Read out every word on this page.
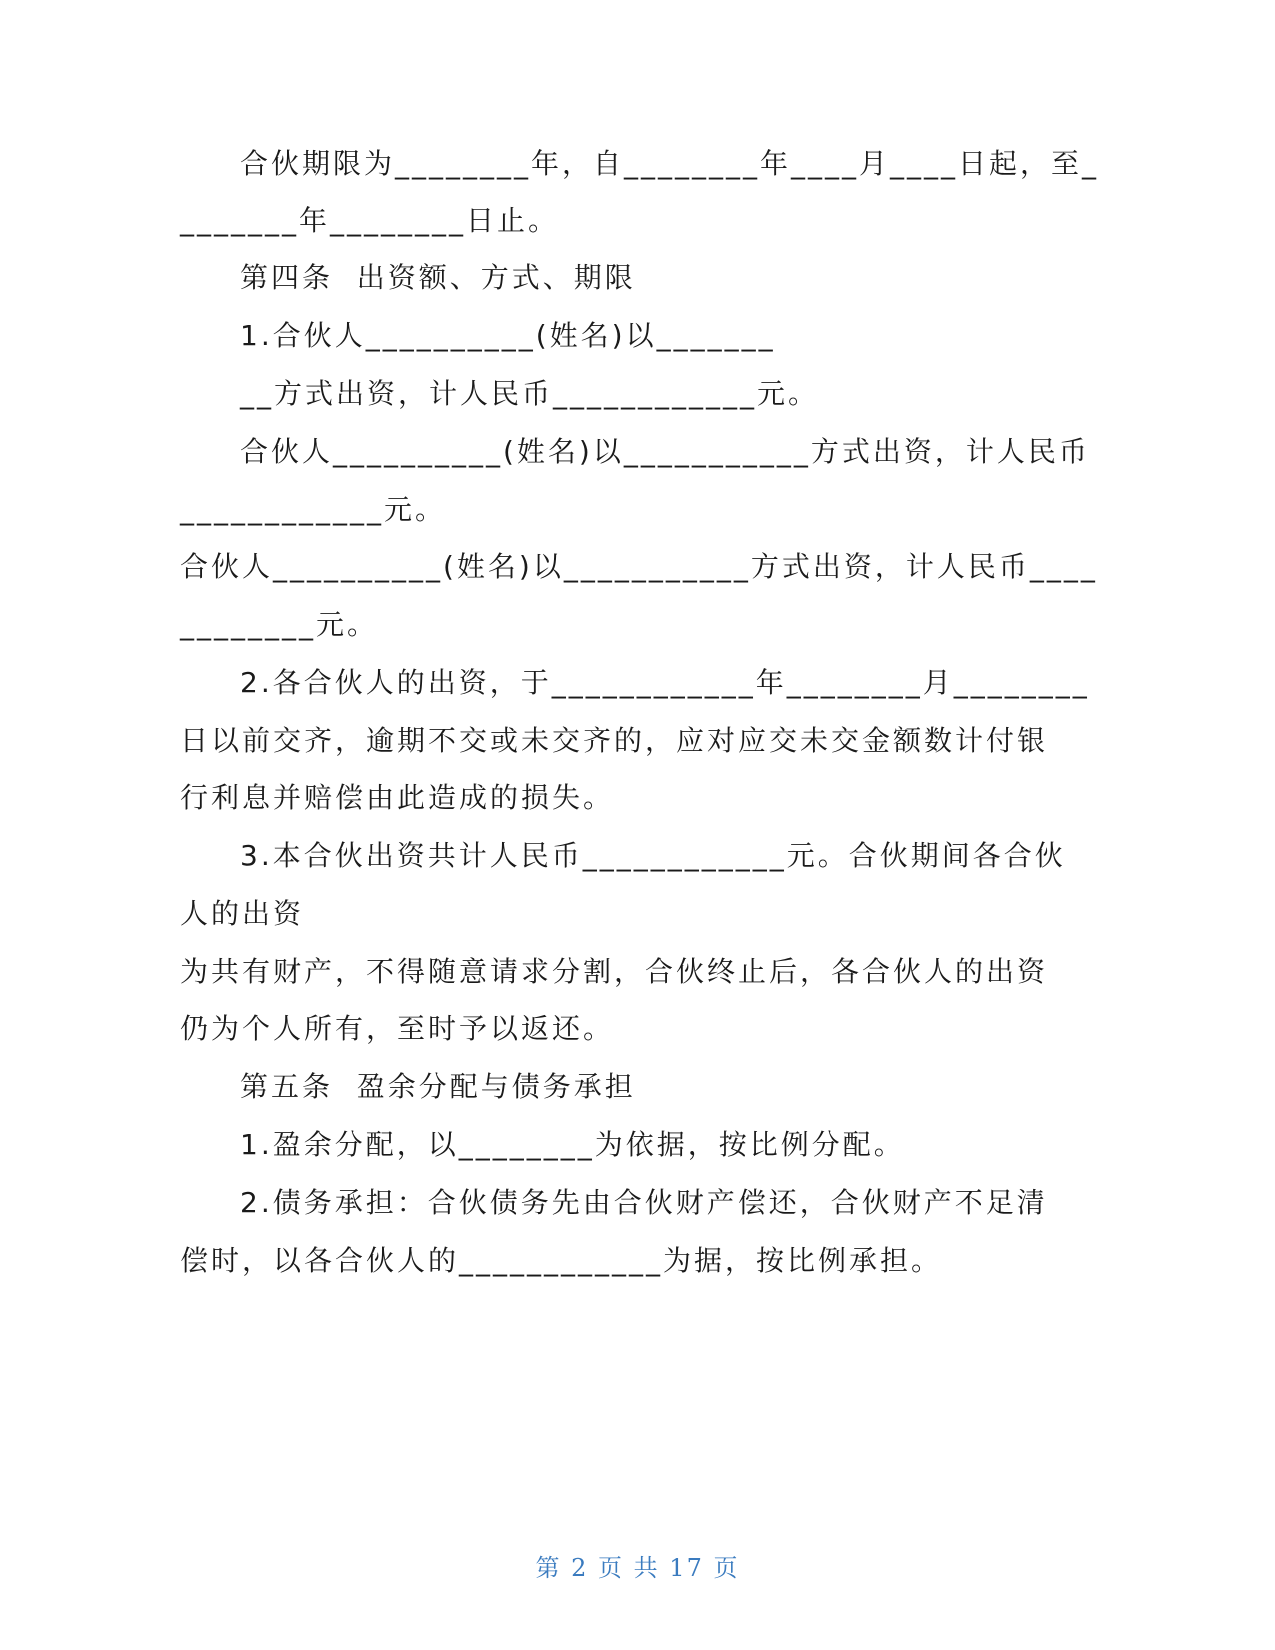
合伙期限为________年，自________年____月____日起，至_
_______年________日止。
第四条  出资额、方式、期限
1.合伙人__________(姓名)以_______
__方式出资，计人民币____________元。
合伙人__________(姓名)以___________方式出资，计人民币
____________元。
合伙人__________(姓名)以___________方式出资，计人民币____
________元。
2.各合伙人的出资，于____________年________月________
日以前交齐，逾期不交或未交齐的，应对应交未交金额数计付银
行利息并赔偿由此造成的损失。
3.本合伙出资共计人民币____________元。合伙期间各合伙
人的出资
为共有财产，不得随意请求分割，合伙终止后，各合伙人的出资
仍为个人所有，至时予以返还。
第五条  盈余分配与债务承担
1.盈余分配，以________为依据，按比例分配。
2.债务承担：合伙债务先由合伙财产偿还，合伙财产不足清
偿时，以各合伙人的____________为据，按比例承担。
第 2 页 共 17 页
